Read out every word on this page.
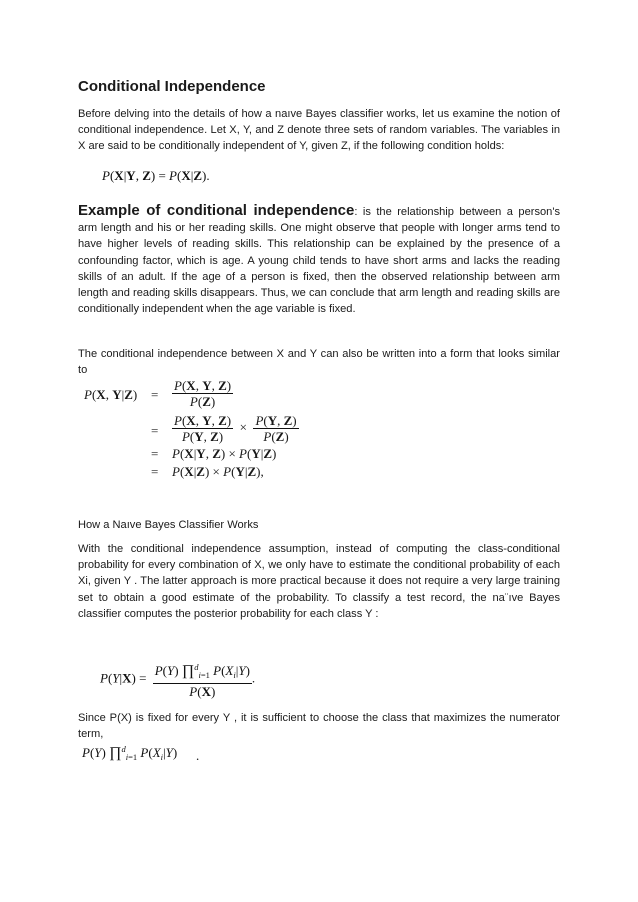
Conditional Independence

Before delving into the details of how a naıve Bayes classifier works, let us examine the notion of conditional independence. Let X, Y, and Z denote three sets of random variables. The variables in X are said to be conditionally independent of Y, given Z, if the following condition holds:

P(X|Y, Z) = P(X|Z).

Example of conditional independence: is the relationship between a person's arm length and his or her reading skills. One might observe that people with longer arms tend to have higher levels of reading skills. This relationship can be explained by the presence of a confounding factor, which is age. A young child tends to have short arms and lacks the reading skills of an adult. If the age of a person is fixed, then the observed relationship between arm length and reading skills disappears. Thus, we can conclude that arm length and reading skills are conditionally independent when the age variable is fixed.

The conditional independence between X and Y can also be written into a form that looks similar to

P(X, $Y|Z) = \frac{P(X, Y, Z)}{P(Z)}$
= $\frac{P(X, Y, Z)}{P(Y, Z)} \times \frac{P(Y, Z)}{P(Z)}$
= P(X|Y, Z) × P(Y|Z)
= P(X|Z) × P(Y|Z),

How a Naıve Bayes Classifier Works

With the conditional independence assumption, instead of computing the class-conditional probability for every combination of X, we only have to estimate the conditional probability of each Xi, given Y . The latter approach is more practical because it does not require a very large training set to obtain a good estimate of the probability. To classify a test record, the na¨ıve Bayes classifier computes the posterior probability for each class Y :

$P(Y|X) = \frac{P(Y) \prod^d_{i=1} P(X_i|Y)}{P(X)}$ .

Since P(X) is fixed for every Y , it is sufficient to choose the class that maximizes the numerator term,

P(Y) ∏$^d_{i=1}$ $P(X_i|Y)$ .
